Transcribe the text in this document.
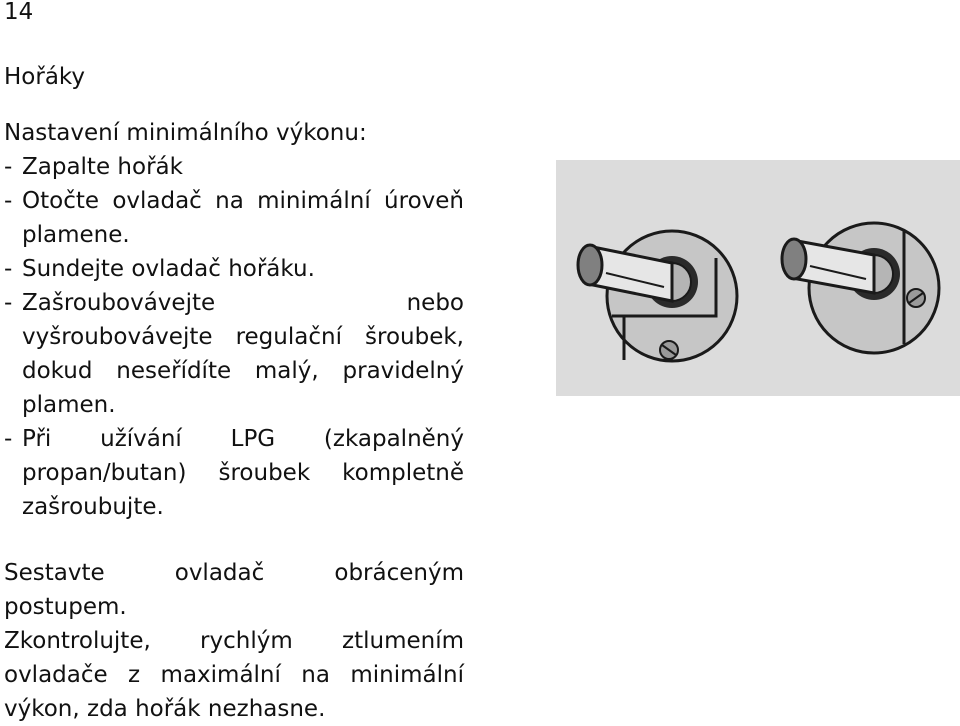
14
Hořáky
Nastavení minimálního výkonu:
- Zapalte hořák
- Otočte ovladač na minimální úroveň plamene.
- Sundejte ovladač hořáku.
- Zašroubovávejte nebo vyšroubovávejte regulační šroubek, dokud neseřídíte malý, pravidelný plamen.
- Při užívání LPG (zkapalněný propan/butan) šroubek kompletně zašroubujte.
Sestavte ovladač obráceným postupem.
Zkontrolujte, rychlým ztlumením ovladače z maximální na minimální výkon, zda hořák nezhasne.
